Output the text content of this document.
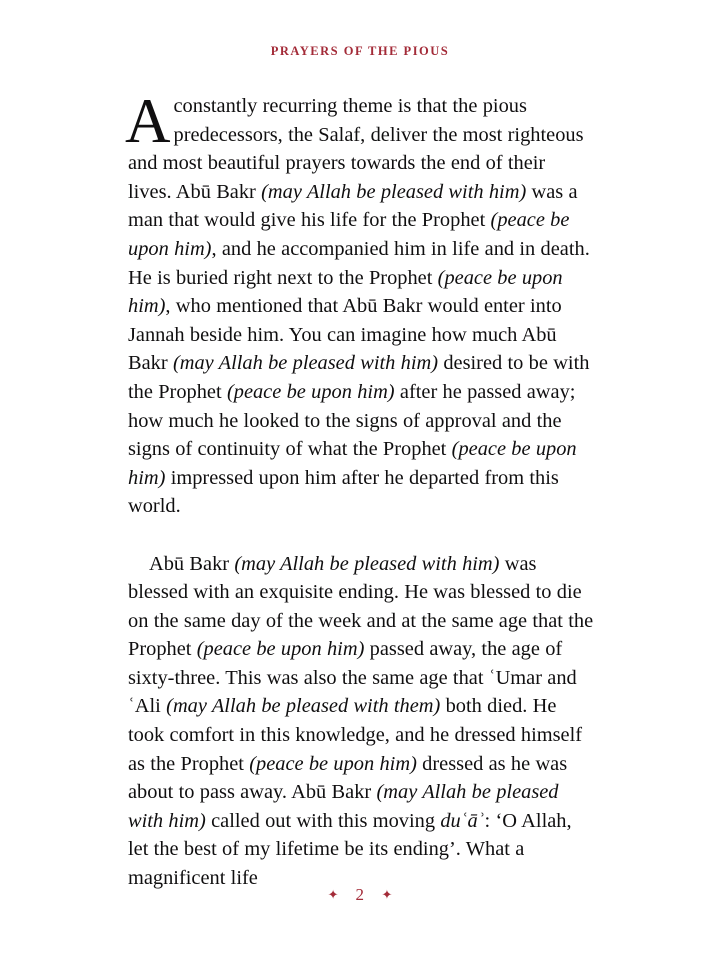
PRAYERS OF THE PIOUS

Aconstantly recurring theme is that the pious predecessors, the Salaf, deliver the most righteous and most beautiful prayers towards the end of their lives. Abū Bakr (may Allah be pleased with him) was a man that would give his life for the Prophet (peace be upon him), and he accompanied him in life and in death. He is buried right next to the Prophet (peace be upon him), who mentioned that Abū Bakr would enter into Jannah beside him. You can imagine how much Abū Bakr (may Allah be pleased with him) desired to be with the Prophet (peace be upon him) after he passed away; how much he looked to the signs of approval and the signs of continuity of what the Prophet (peace be upon him) impressed upon him after he departed from this world.

Abū Bakr (may Allah be pleased with him) was blessed with an exquisite ending. He was blessed to die on the same day of the week and at the same age that the Prophet (peace be upon him) passed away, the age of sixty-three. This was also the same age that ʿUmar and ʿAli (may Allah be pleased with them) both died. He took comfort in this knowledge, and he dressed himself as the Prophet (peace be upon him) dressed as he was about to pass away. Abū Bakr (may Allah be pleased with him) called out with this moving duʿāʾ: ‘O Allah, let the best of my lifetime be its ending’. What a magnificent life

✦ 2 ✦
